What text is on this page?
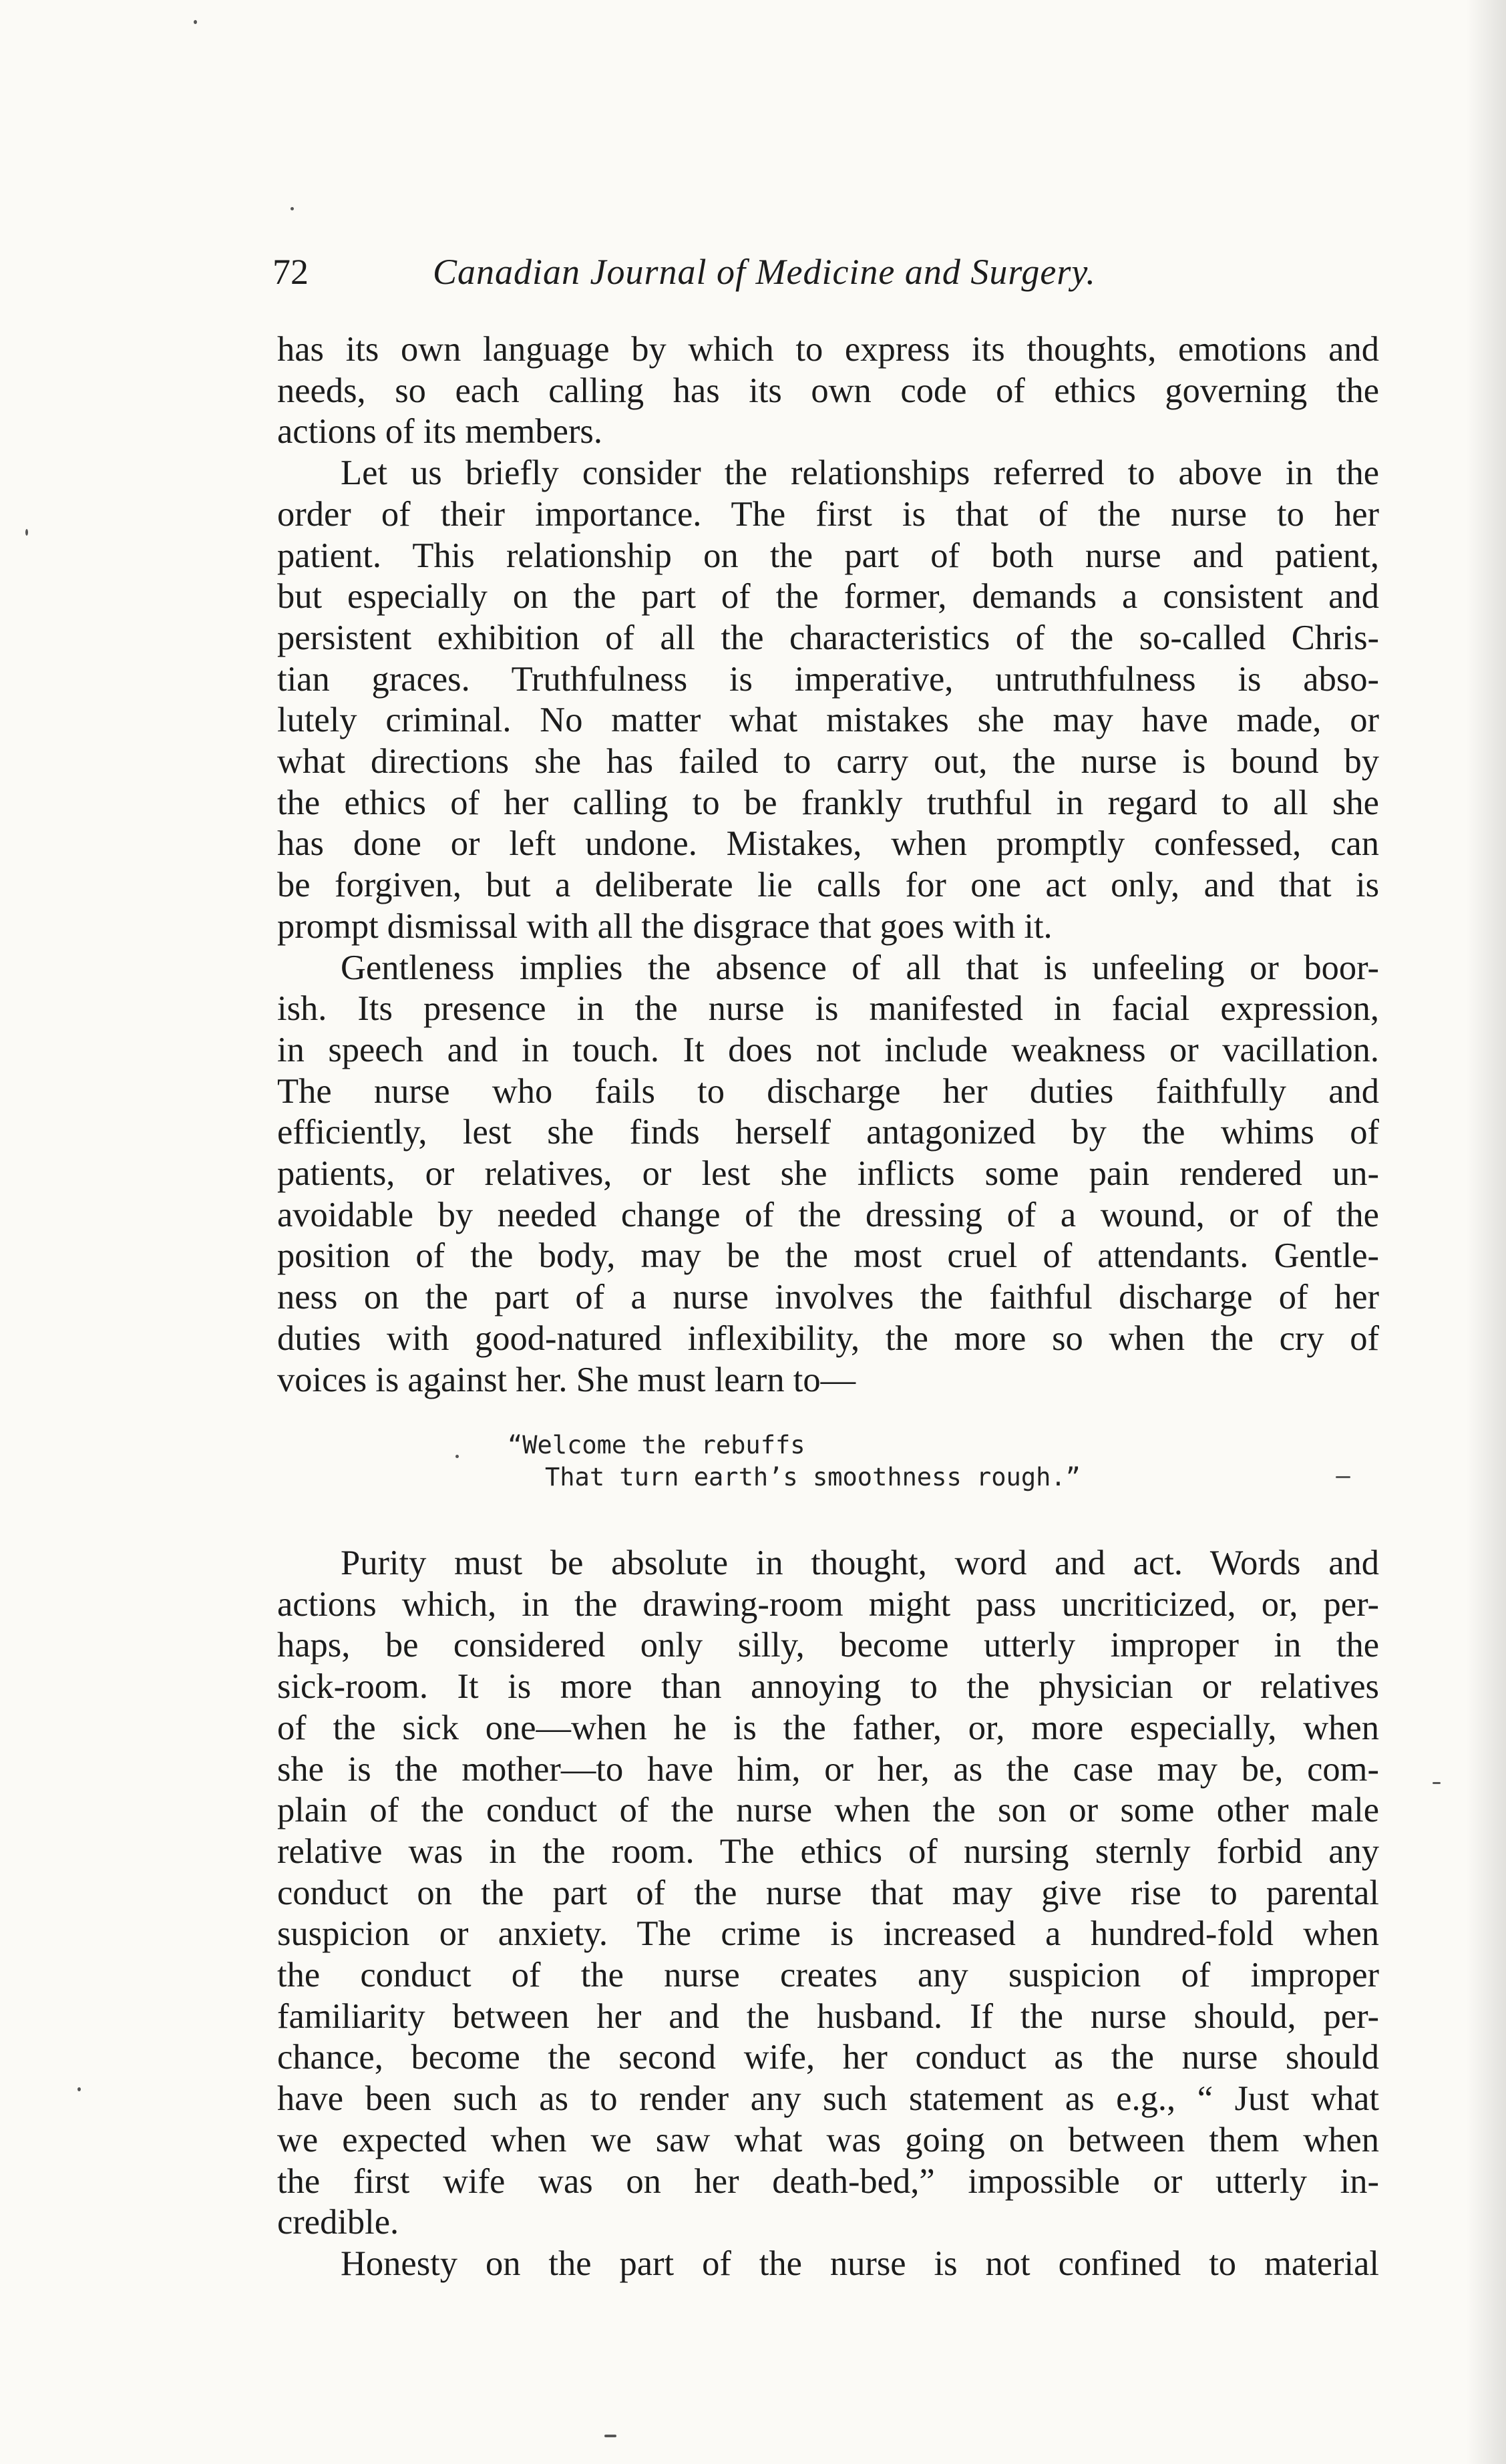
72	Canadian Journal of Medicine and Surgery.
has its own language by which to express its thoughts, emotions and
needs, so each calling has its own code of ethics governing the
actions of its members.
Let us briefly consider the relationships referred to above in the
order of their importance. The first is that of the nurse to her
patient. This relationship on the part of both nurse and patient,
but especially on the part of the former, demands a consistent and
persistent exhibition of all the characteristics of the so-called Chris-
tian graces. Truthfulness is imperative, untruthfulness is abso-
lutely criminal. No matter what mistakes she may have made, or
what directions she has failed to carry out, the nurse is bound by
the ethics of her calling to be frankly truthful in regard to all she
has done or left undone. Mistakes, when promptly confessed, can
be forgiven, but a deliberate lie calls for one act only, and that is
prompt dismissal with all the disgrace that goes with it.
Gentleness implies the absence of all that is unfeeling or boor-
ish. Its presence in the nurse is manifested in facial expression,
in speech and in touch. It does not include weakness or vacillation.
The nurse who fails to discharge her duties faithfully and
efficiently, lest she finds herself antagonized by the whims of
patients, or relatives, or lest she inflicts some pain rendered un-
avoidable by needed change of the dressing of a wound, or of the
position of the body, may be the most cruel of attendants. Gentle-
ness on the part of a nurse involves the faithful discharge of her
duties with good-natured inflexibility, the more so when the cry of
voices is against her. She must learn to—
“Welcome the rebuffs
That turn earth’s smoothness rough.”
Purity must be absolute in thought, word and act. Words and
actions which, in the drawing-room might pass uncriticized, or, per-
haps, be considered only silly, become utterly improper in the
sick-room. It is more than annoying to the physician or relatives
of the sick one—when he is the father, or, more especially, when
she is the mother—to have him, or her, as the case may be, com-
plain of the conduct of the nurse when the son or some other male
relative was in the room. The ethics of nursing sternly forbid any
conduct on the part of the nurse that may give rise to parental
suspicion or anxiety. The crime is increased a hundred-fold when
the conduct of the nurse creates any suspicion of improper
familiarity between her and the husband. If the nurse should, per-
chance, become the second wife, her conduct as the nurse should
have been such as to render any such statement as e.g., “ Just what
we expected when we saw what was going on between them when
the first wife was on her death-bed,” impossible or utterly in-
credible.
Honesty on the part of the nurse is not confined to material
